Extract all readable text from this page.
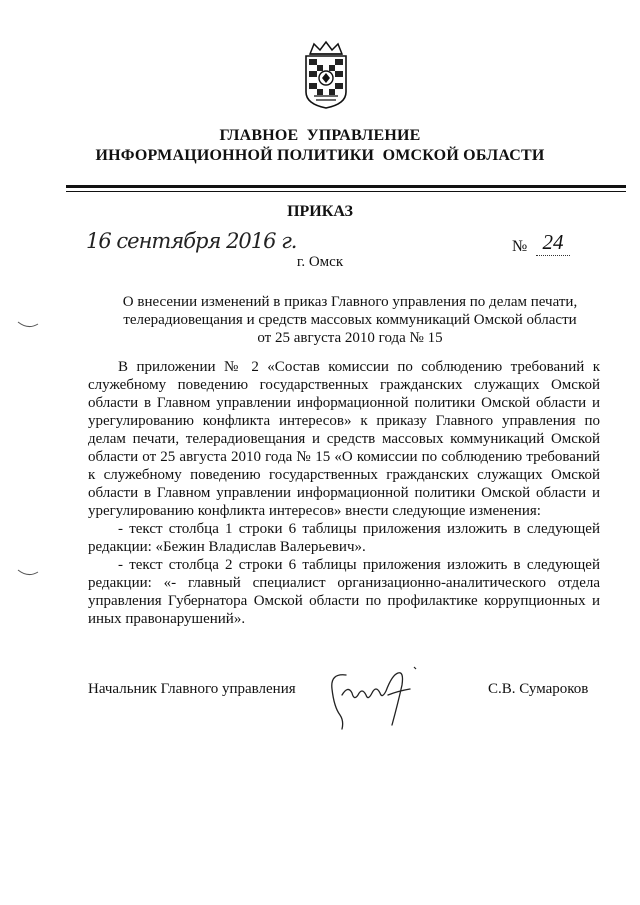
ГЛАВНОЕ  УПРАВЛЕНИЕ
ИНФОРМАЦИОННОЙ ПОЛИТИКИ  ОМСКОЙ ОБЛАСТИ
ПРИКАЗ
16 сентября 2016 г.	№ 24
г. Омск
О внесении изменений в приказ Главного управления по делам печати,
телерадиовещания и средств массовых коммуникаций Омской области
от 25 августа 2010 года № 15

В приложении № 2 «Состав комиссии по соблюдению требований к служебному поведению государственных гражданских служащих Омской области в Главном управлении информационной политики Омской области и урегулированию конфликта интересов» к приказу Главного управления по делам печати, телерадиовещания и средств массовых коммуникаций Омской области от 25 августа 2010 года № 15 «О комиссии по соблюдению требований к служебному поведению государственных гражданских служащих Омской области в Главном управлении информационной политики Омской области и урегулированию конфликта интересов» внести следующие изменения:

- текст столбца 1 строки 6 таблицы приложения изложить в следующей редакции: «Бежин Владислав Валерьевич».

- текст столбца 2 строки 6 таблицы приложения изложить в следующей редакции: «- главный специалист организационно-аналитического отдела управления Губернатора Омской области по профилактике коррупционных и иных правонарушений».

Начальник Главного управления	С.В. Сумароков
